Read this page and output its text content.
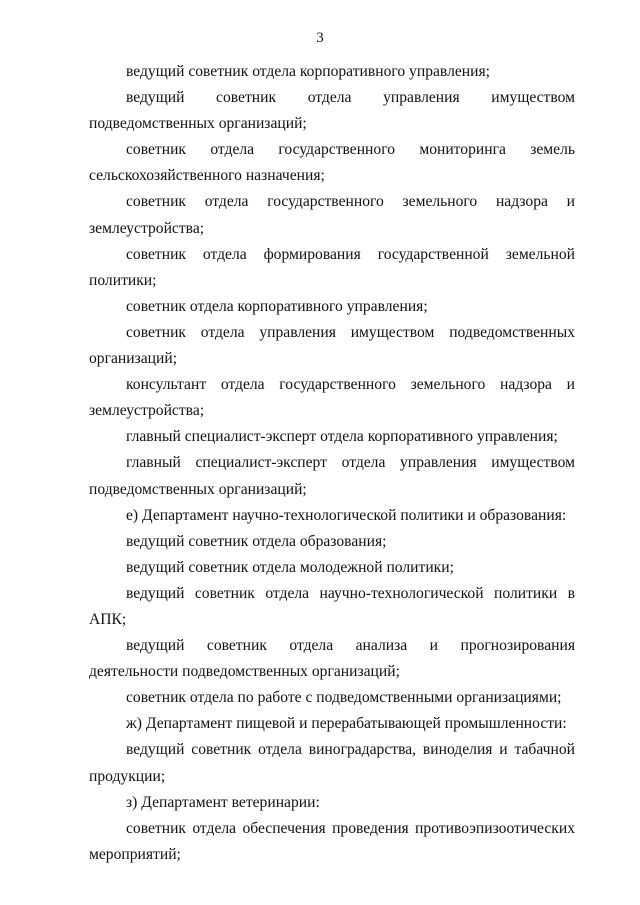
3

ведущий советник отдела корпоративного управления;

ведущий советник отдела управления имуществом подведомственных организаций;

советник отдела государственного мониторинга земель сельскохозяйственного назначения;

советник отдела государственного земельного надзора и землеустройства;

советник отдела формирования государственной земельной политики;

советник отдела корпоративного управления;

советник отдела управления имуществом подведомственных организаций;

консультант отдела государственного земельного надзора и землеустройства;

главный специалист-эксперт отдела корпоративного управления;

главный специалист-эксперт отдела управления имуществом подведомственных организаций;

е) Департамент научно-технологической политики и образования:

ведущий советник отдела образования;

ведущий советник отдела молодежной политики;

ведущий советник отдела научно-технологической политики в АПК;

ведущий советник отдела анализа и прогнозирования деятельности подведомственных организаций;

советник отдела по работе с подведомственными организациями;

ж) Департамент пищевой и перерабатывающей промышленности:

ведущий советник отдела виноградарства, виноделия и табачной продукции;

з) Департамент ветеринарии:

советник отдела обеспечения проведения противоэпизоотических мероприятий;
